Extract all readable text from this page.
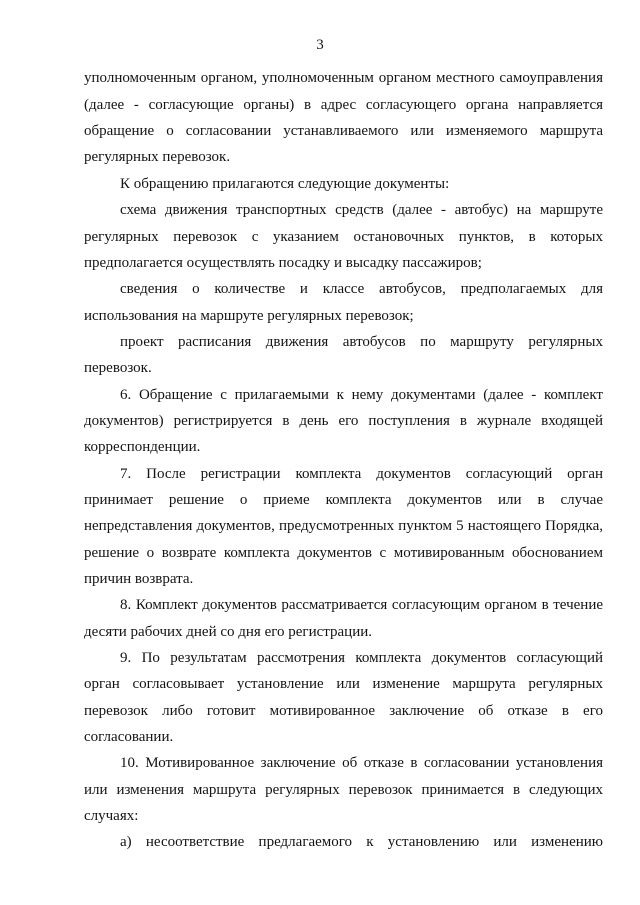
3
уполномоченным органом, уполномоченным органом местного самоуправления
(далее - согласующие органы) в адрес согласующего органа направляется
обращение о согласовании устанавливаемого или изменяемого маршрута
регулярных перевозок.
К обращению прилагаются следующие документы:
схема движения транспортных средств (далее - автобус) на маршруте
регулярных перевозок с указанием остановочных пунктов, в которых
предполагается осуществлять посадку и высадку пассажиров;
сведения о количестве и классе автобусов, предполагаемых для
использования на маршруте регулярных перевозок;
проект расписания движения автобусов по маршруту регулярных
перевозок.
6. Обращение с прилагаемыми к нему документами (далее - комплект
документов) регистрируется в день его поступления в журнале входящей
корреспонденции.
7. После регистрации комплекта документов согласующий орган
принимает решение о приеме комплекта документов или в случае
непредставления документов, предусмотренных пунктом 5 настоящего Порядка,
решение о возврате комплекта документов с мотивированным обоснованием
причин возврата.
8. Комплект документов рассматривается согласующим органом в течение
десяти рабочих дней со дня его регистрации.
9. По результатам рассмотрения комплекта документов согласующий
орган согласовывает установление или изменение маршрута регулярных
перевозок либо готовит мотивированное заключение об отказе в его
согласовании.
10. Мотивированное заключение об отказе в согласовании установления
или изменения маршрута регулярных перевозок принимается в следующих
случаях:
а) несоответствие предлагаемого к установлению или изменению
